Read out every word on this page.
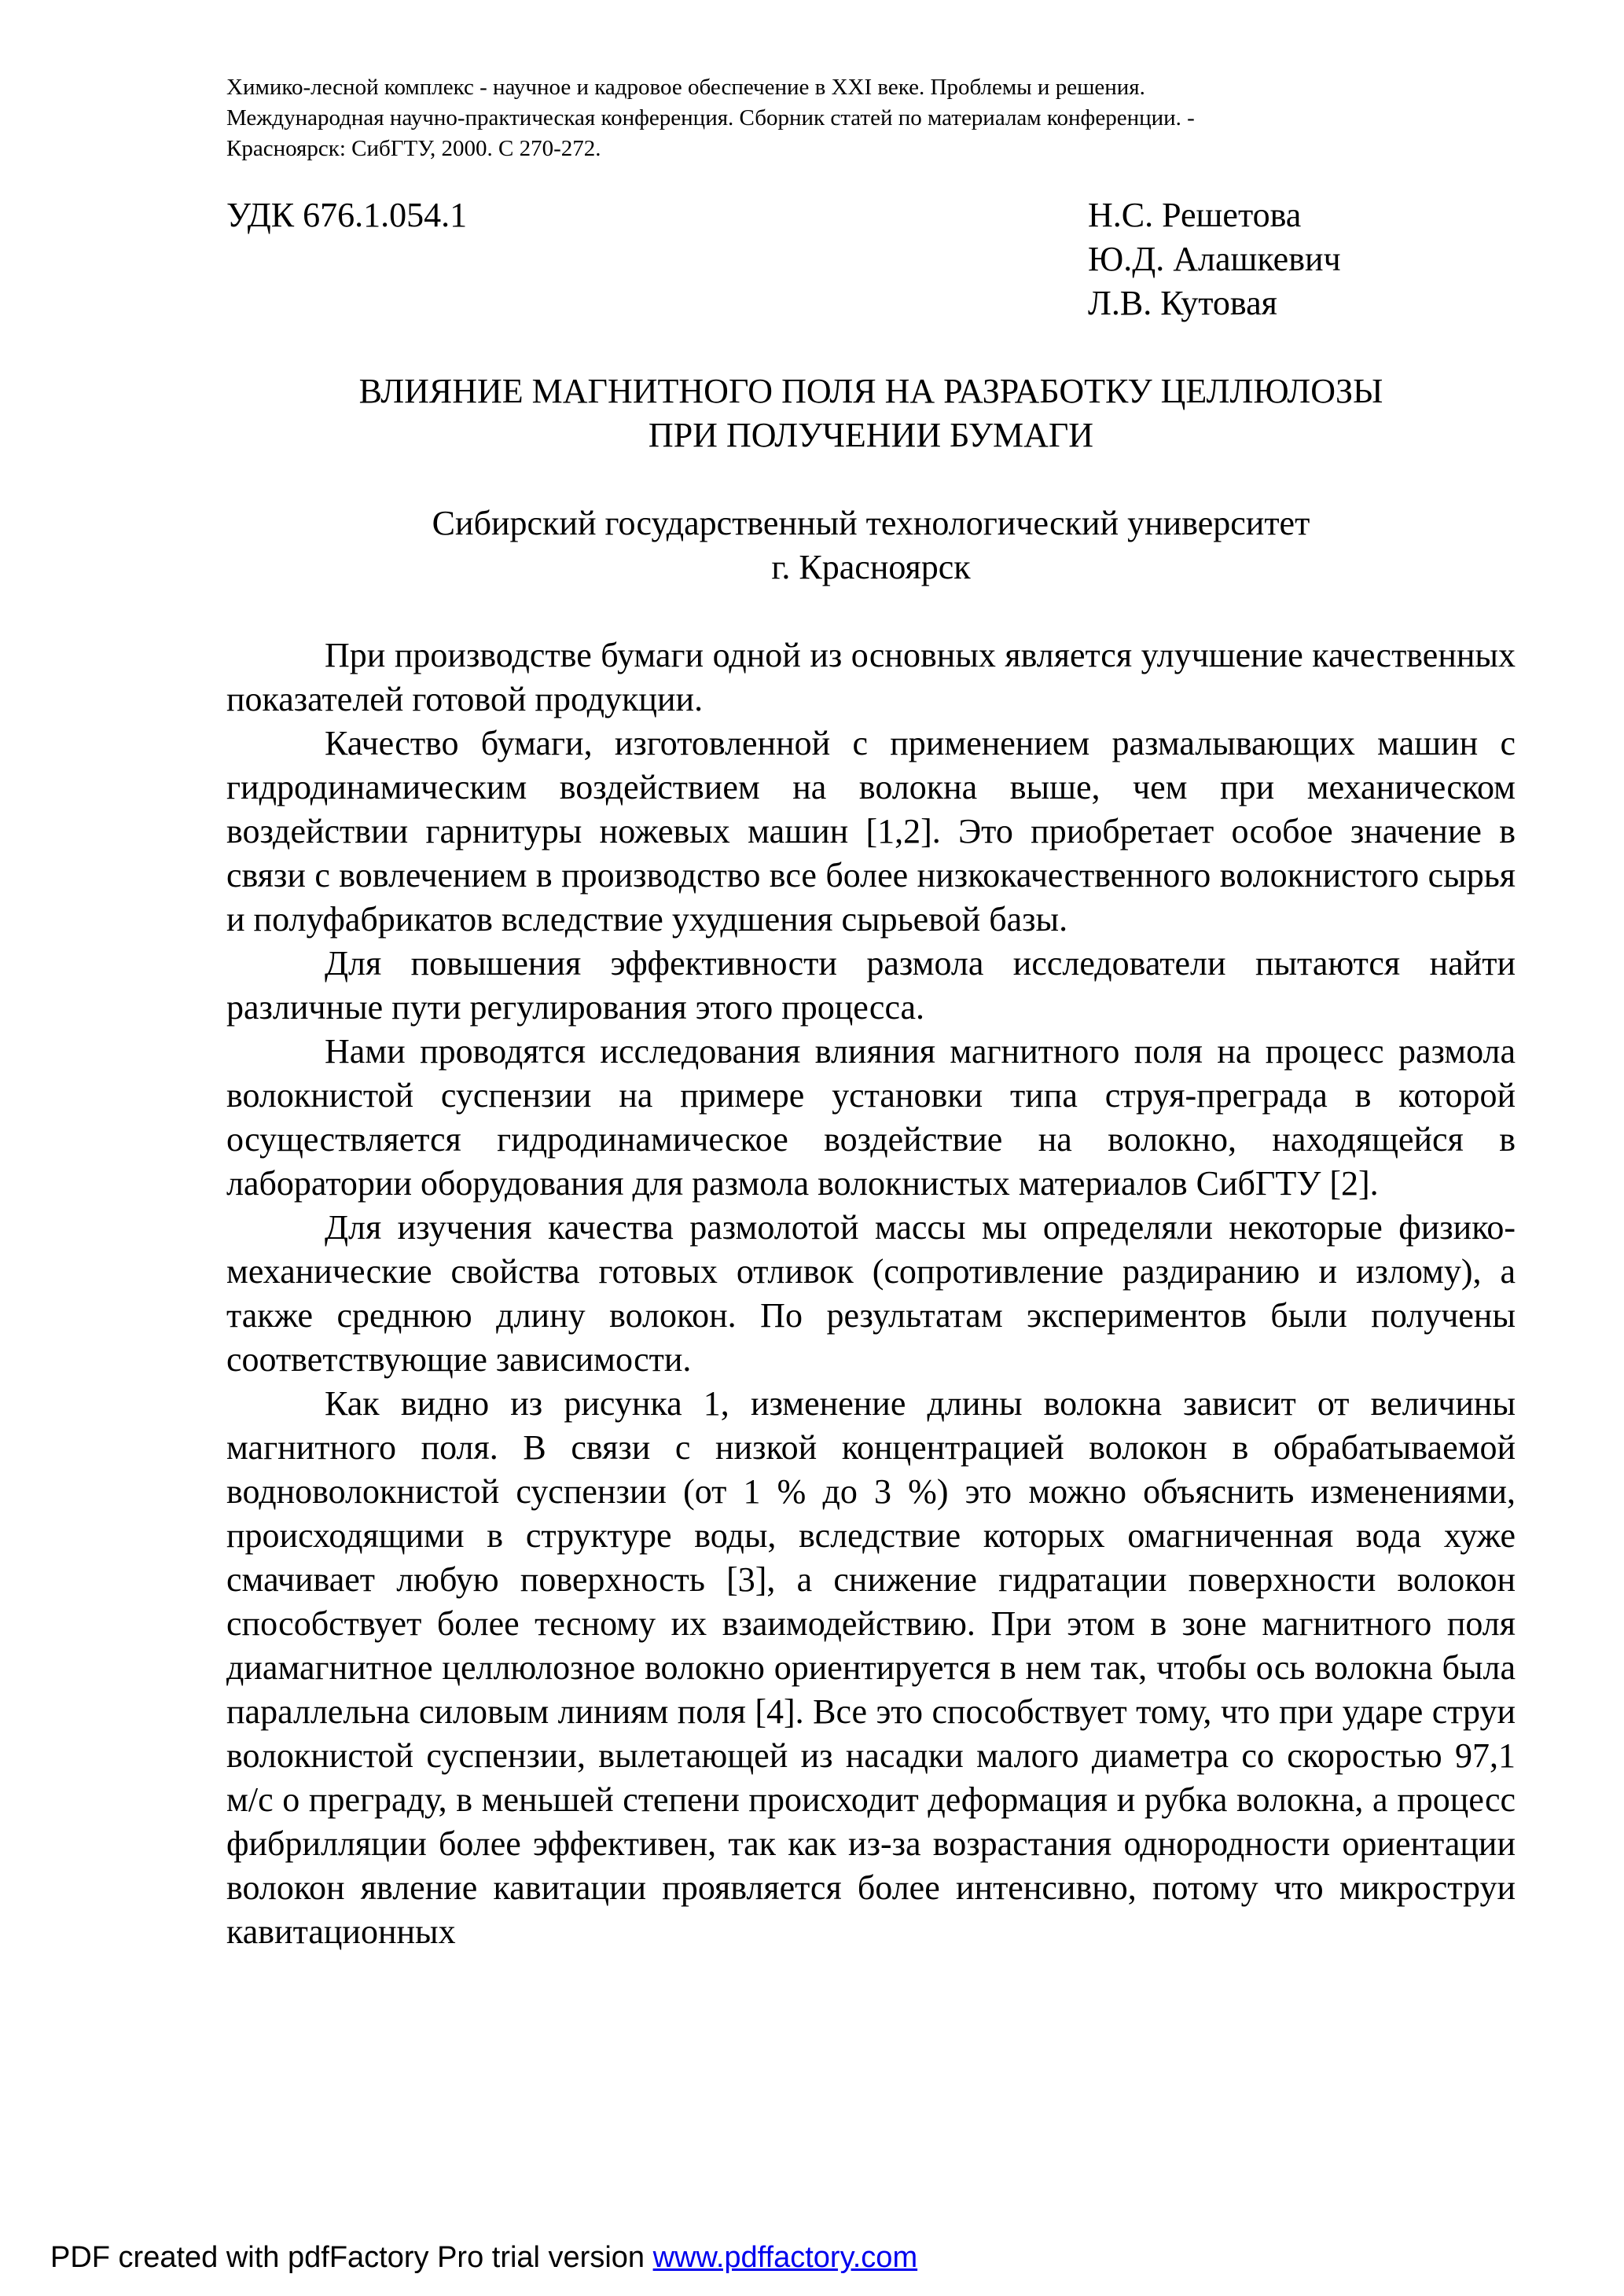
Химико-лесной комплекс - научное и кадровое обеспечение в XXI веке. Проблемы и решения.
Международная научно-практическая конференция. Сборник статей по материалам конференции. -
Красноярск: СибГТУ, 2000. С 270-272.
УДК 676.1.054.1	Н.С. Решетова
Ю.Д. Алашкевич
Л.В. Кутовая
ВЛИЯНИЕ МАГНИТНОГО ПОЛЯ НА РАЗРАБОТКУ ЦЕЛЛЮЛОЗЫ
ПРИ ПОЛУЧЕНИИ БУМАГИ
Сибирский государственный технологический университет
г. Красноярск

При производстве бумаги одной из основных является улучшение качественных показателей готовой продукции.

Качество бумаги, изготовленной с применением размалывающих машин с гидродинамическим воздействием на волокна выше, чем при механическом воздействии гарнитуры ножевых машин [1,2]. Это приобретает особое значение в связи с вовлечением в производство все более низкокачественного волокнистого сырья и полуфабрикатов вследствие ухудшения сырьевой базы.

Для повышения эффективности размола исследователи пытаются найти различные пути регулирования этого процесса.

Нами проводятся исследования влияния магнитного поля на процесс размола волокнистой суспензии на примере установки типа струя-преграда в которой осуществляется гидродинамическое воздействие на волокно, находящейся в лаборатории оборудования для размола волокнистых материалов СибГТУ [2].

Для изучения качества размолотой массы мы определяли некоторые физико-механические свойства готовых отливок (сопротивление раздиранию и излому), а также среднюю длину волокон. По результатам экспериментов были получены соответствующие зависимости.

Как видно из рисунка 1, изменение длины волокна зависит от величины магнитного поля. В связи с низкой концентрацией волокон в обрабатываемой водноволокнистой суспензии (от 1 % до 3 %) это можно объяснить изменениями, происходящими в структуре воды, вследствие которых омагниченная вода хуже смачивает любую поверхность [3], а снижение гидратации поверхности волокон способствует более тесному их взаимодействию. При этом в зоне магнитного поля диамагнитное целлюлозное волокно ориентируется в нем так, чтобы ось волокна была параллельна силовым линиям поля [4]. Все это способствует тому, что при ударе струи волокнистой суспензии, вылетающей из насадки малого диаметра со скоростью 97,1 м/с о преграду, в меньшей степени происходит деформация и рубка волокна, а процесс фибрилляции более эффективен, так как из-за возрастания однородности ориентации волокон явление кавитации проявляется более интенсивно, потому что микроструи кавитационных

PDF created with pdfFactory Pro trial version www.pdffactory.com
